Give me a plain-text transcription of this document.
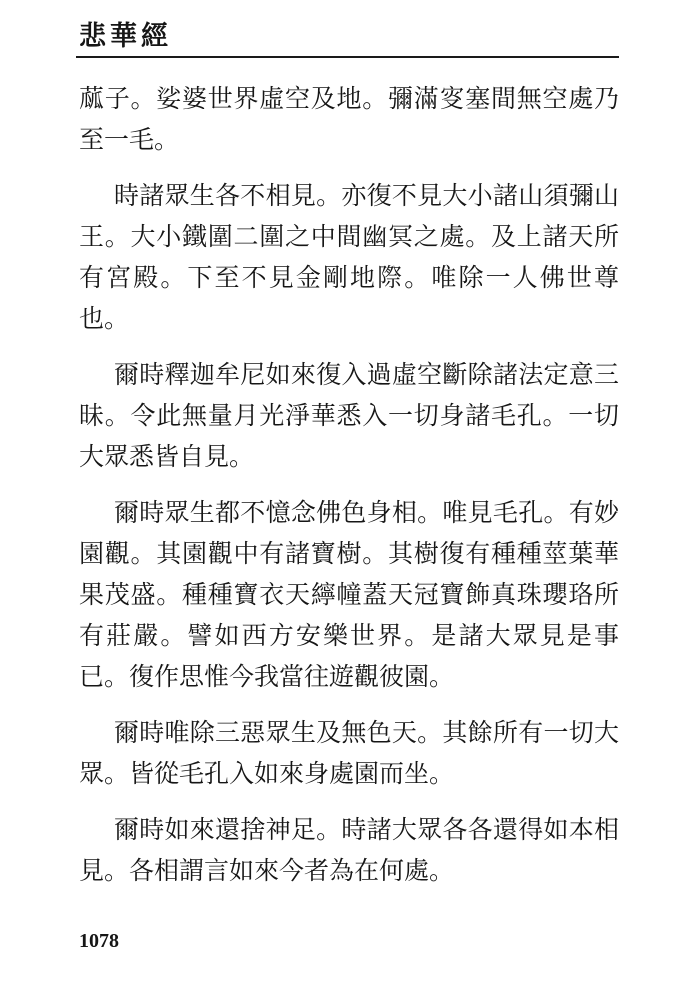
悲華經

蓏子。娑婆世界虛空及地。彌滿叜塞間無空處乃至一毛。

時諸眾生各不相見。亦復不見大小諸山須彌山王。大小鐵圍二圍之中間幽冥之處。及上諸天所有宮殿。下至不見金剛地際。唯除一人佛世尊也。

爾時釋迦牟尼如來復入過虛空斷除諸法定意三昧。令此無量月光淨華悉入一切身諸毛孔。一切大眾悉皆自見。

爾時眾生都不憶念佛色身相。唯見毛孔。有妙園觀。其園觀中有諸寶樹。其樹復有種種莖葉華果茂盛。種種寶衣天𦆭幢蓋天冠寶飾真珠瓔珞所有莊嚴。譬如西方安樂世界。是諸大眾見是事已。復作思惟今我當往遊觀彼園。

爾時唯除三惡眾生及無色天。其餘所有一切大眾。皆從毛孔入如來身處園而坐。

爾時如來還捨神足。時諸大眾各各還得如本相見。各相謂言如來今者為在何處。

1078
